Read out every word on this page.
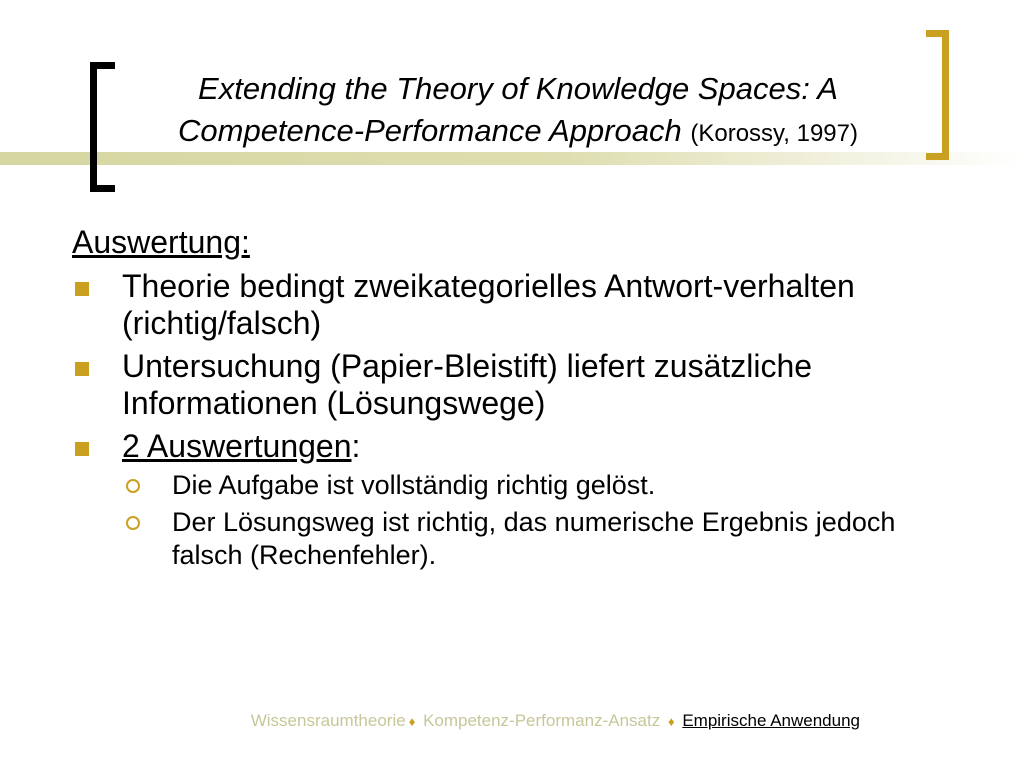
Extending the Theory of Knowledge Spaces: A Competence-Performance Approach (Korossy, 1997)
Auswertung:
Theorie bedingt zweikategorielles Antwort-verhalten (richtig/falsch)
Untersuchung (Papier-Bleistift) liefert zusätzliche Informationen (Lösungswege)
2 Auswertungen:
Die Aufgabe ist vollständig richtig gelöst.
Der Lösungsweg ist richtig, das numerische Ergebnis jedoch falsch (Rechenfehler).
Wissensraumtheorie ♦ Kompetenz-Performanz-Ansatz ♦ Empirische Anwendung
